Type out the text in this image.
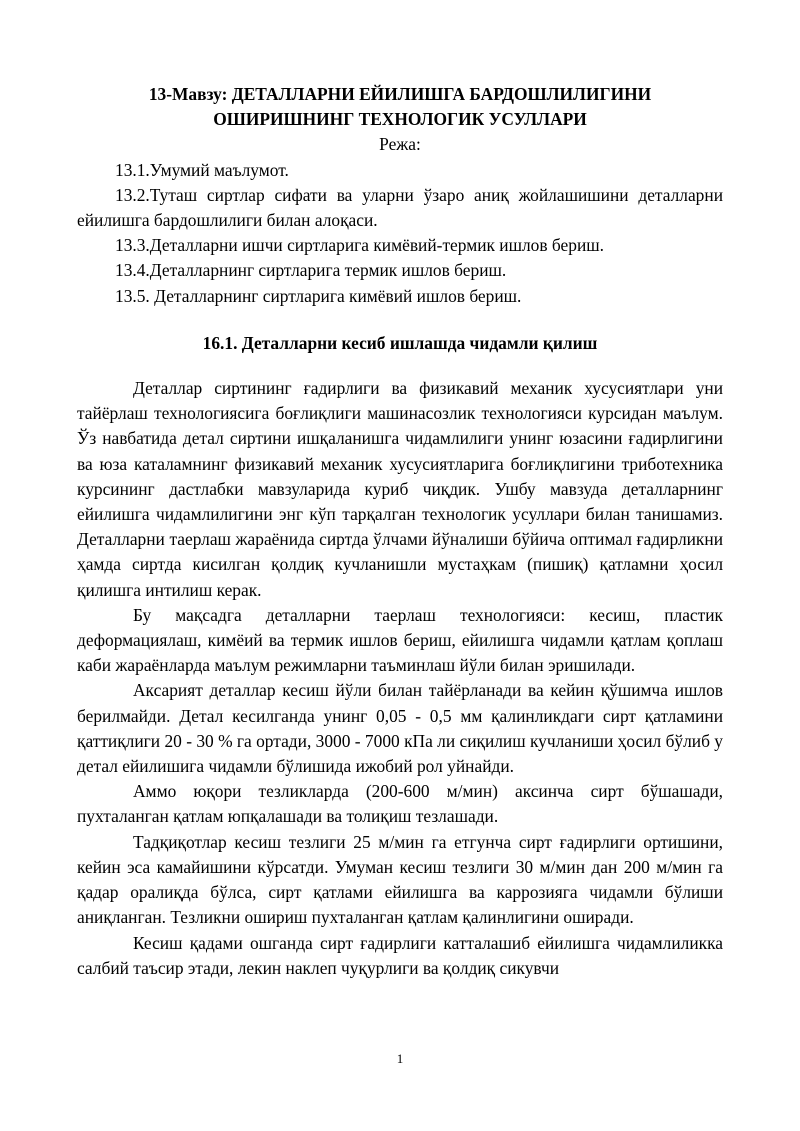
13-Мавзу: ДЕТАЛЛАРНИ ЕЙИЛИШГА БАРДОШЛИЛИГИНИ

ОШИРИШНИНГ ТЕХНОЛОГИК УСУЛЛАРИ

Режа:

13.1.Умумий маълумот.

13.2.Туташ сиртлар сифати ва уларни ўзаро аниқ жойлашишини деталларни ейилишга бардошлилиги билан алоқаси.

13.3.Деталларни ишчи сиртларига кимёвий-термик ишлов бериш.

13.4.Деталларнинг сиртларига термик ишлов бериш.

13.5. Деталларнинг сиртларига кимёвий ишлов бериш.

16.1. Деталларни кесиб ишлашда чидамли қилиш

Деталлар сиртининг ғадирлиги ва физикавий механик хусусиятлари уни тайёрлаш технологиясига боғлиқлиги машинасозлик технологияси курсидан маълум. Ўз навбатида детал сиртини ишқаланишга чидамлилиги унинг юзасини ғадирлигини ва юза каталамнинг физикавий механик хусусиятларига боғлиқлигини триботехника курсининг дастлабки мавзуларида куриб чиқдик. Ушбу мавзуда деталларнинг ейилишга чидамлилигини энг кўп тарқалган технологик усуллари билан танишамиз. Деталларни таерлаш жараёнида сиртда ўлчами йўналиши бўйича оптимал ғадирликни ҳамда сиртда кисилган қолдиқ кучланишли мустаҳкам (пишиқ) қатламни ҳосил қилишга интилиш керак.

Бу мақсадга деталларни таерлаш технологияси: кесиш, пластик деформациялаш, кимёий ва термик ишлов бериш, ейилишга чидамли қатлам қоплаш каби жараёнларда маълум режимларни таъминлаш йўли билан эришилади.

Аксарият деталлар кесиш йўли билан тайёрланади ва кейин қўшимча ишлов берилмайди. Детал кесилганда унинг 0,05 - 0,5 мм қалинликдаги сирт қатламини қаттиқлиги 20 - 30 % га ортади, 3000 - 7000 кПа ли сиқилиш кучланиши ҳосил бўлиб у детал ейилишига чидамли бўлишида ижобий рол уйнайди.

Аммо юқори тезликларда (200-600 м/мин) аксинча сирт бўшашади, пухталанган қатлам юпқалашади ва толиқиш тезлашади.

Тадқиқотлар кесиш тезлиги 25 м/мин га етгунча сирт ғадирлиги ортишини, кейин эса камайишини кўрсатди. Умуман кесиш тезлиги 30 м/мин дан 200 м/мин га қадар оралиқда бўлса, сирт қатлами ейилишга ва каррозияга чидамли бўлиши аниқланган. Тезликни ошириш пухталанган қатлам қалинлигини оширади.

Кесиш қадами ошганда сирт ғадирлиги катталашиб ейилишга чидамлиликка салбий таъсир этади, лекин наклеп чуқурлиги ва қолдиқ сикувчи

1
